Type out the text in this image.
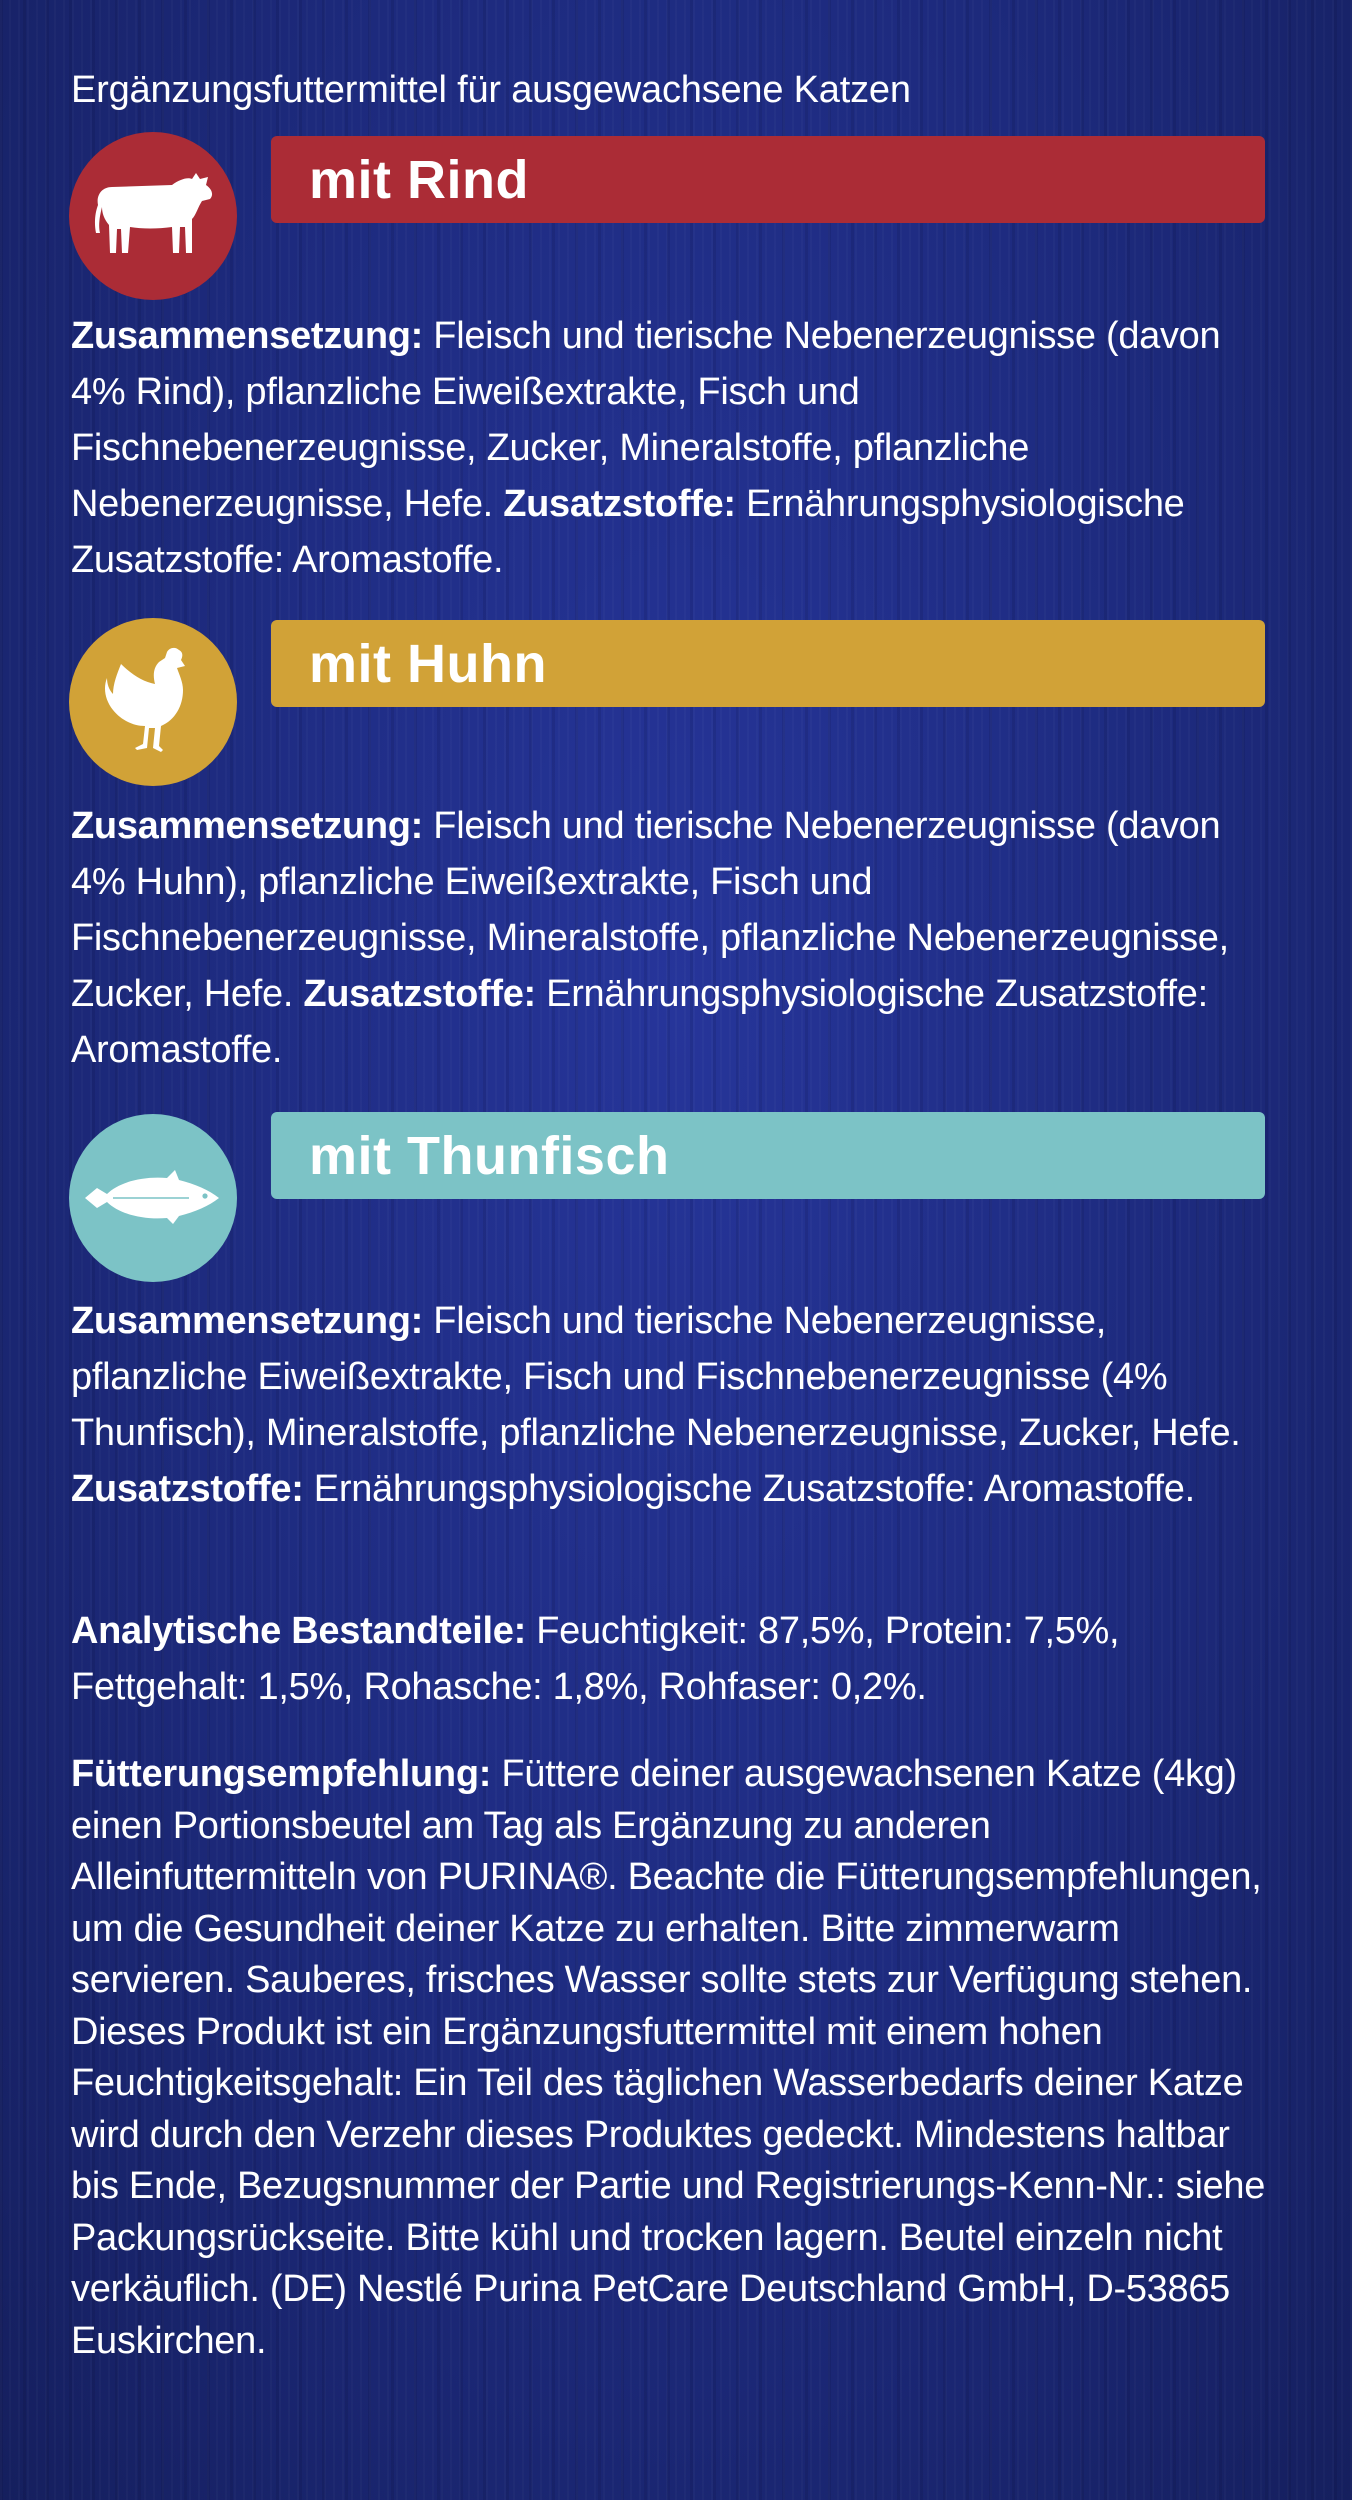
Ergänzungsfuttermittel für ausgewachsene Katzen
mit Rind
Zusammensetzung: Fleisch und tierische Nebenerzeugnisse (davon 4% Rind), pflanzliche Eiweißextrakte, Fisch und Fischnebenerzeugnisse, Zucker, Mineralstoffe, pflanzliche Nebenerzeugnisse, Hefe. Zusatzstoffe: Ernährungsphysiologische Zusatzstoffe: Aromastoffe.
mit Huhn
Zusammensetzung: Fleisch und tierische Nebenerzeugnisse (davon 4% Huhn), pflanzliche Eiweißextrakte, Fisch und Fischnebenerzeugnisse, Mineralstoffe, pflanzliche Nebenerzeugnisse, Zucker, Hefe. Zusatzstoffe: Ernährungsphysiologische Zusatzstoffe: Aromastoffe.
mit Thunfisch
Zusammensetzung: Fleisch und tierische Nebenerzeugnisse, pflanzliche Eiweißextrakte, Fisch und Fischnebenerzeugnisse (4% Thunfisch), Mineralstoffe, pflanzliche Nebenerzeugnisse, Zucker, Hefe. Zusatzstoffe: Ernährungsphysiologische Zusatzstoffe: Aromastoffe.
Analytische Bestandteile: Feuchtigkeit: 87,5%, Protein: 7,5%, Fettgehalt: 1,5%, Rohasche: 1,8%, Rohfaser: 0,2%.
Fütterungsempfehlung: Füttere deiner ausgewachsenen Katze (4kg) einen Portionsbeutel am Tag als Ergänzung zu anderen Alleinfuttermitteln von PURINA®. Beachte die Fütterungsempfehlungen, um die Gesundheit deiner Katze zu erhalten. Bitte zimmerwarm servieren. Sauberes, frisches Wasser sollte stets zur Verfügung stehen. Dieses Produkt ist ein Ergänzungsfuttermittel mit einem hohen Feuchtigkeitsgehalt: Ein Teil des täglichen Wasserbedarfs deiner Katze wird durch den Verzehr dieses Produktes gedeckt. Mindestens haltbar bis Ende, Bezugsnummer der Partie und Registrierungs-Kenn-Nr.: siehe Packungsrückseite. Bitte kühl und trocken lagern. Beutel einzeln nicht verkäuflich. (DE) Nestlé Purina PetCare Deutschland GmbH, D-53865 Euskirchen.
